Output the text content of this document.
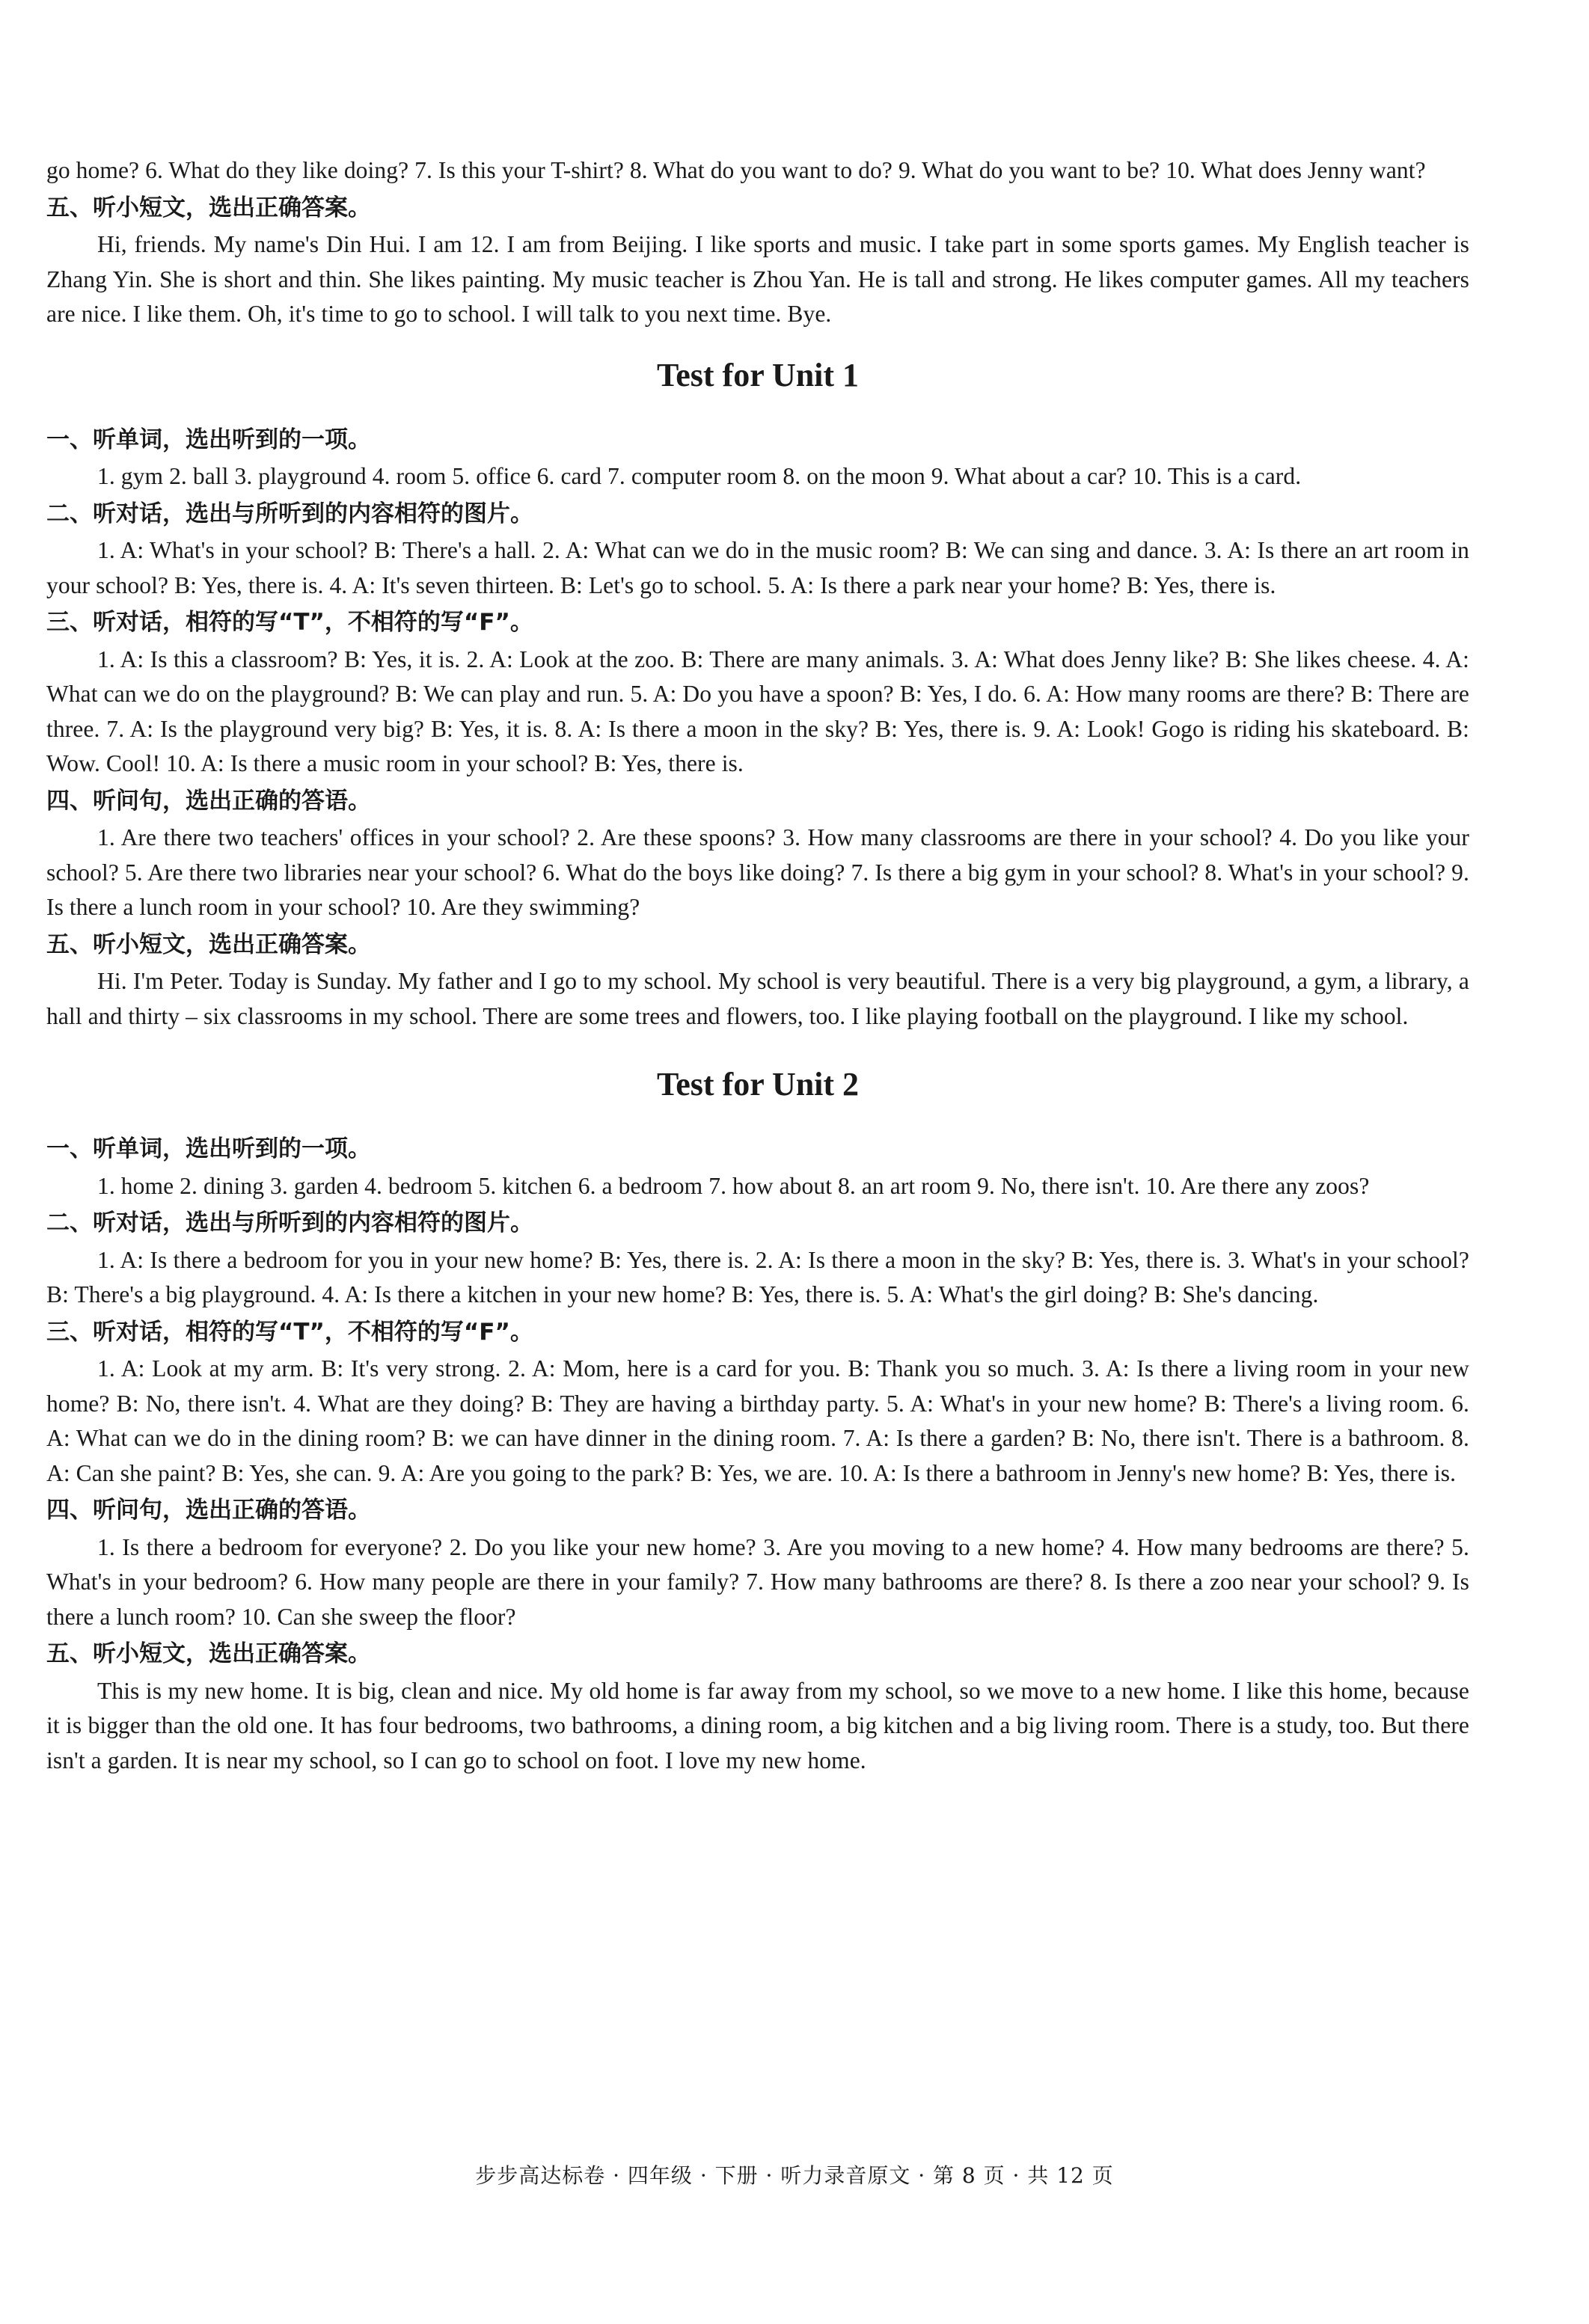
go home? 6. What do they like doing? 7. Is this your T-shirt? 8. What do you want to do? 9. What do you want to be? 10. What does Jenny want?

五、听小短文，选出正确答案。

Hi, friends. My name's Din Hui. I am 12. I am from Beijing. I like sports and music. I take part in some sports games. My English teacher is Zhang Yin. She is short and thin. She likes painting. My music teacher is Zhou Yan. He is tall and strong. He likes computer games. All my teachers are nice. I like them. Oh, it's time to go to school. I will talk to you next time. Bye.

Test for Unit 1

一、听单词，选出听到的一项。

1. gym 2. ball 3. playground 4. room 5. office 6. card 7. computer room 8. on the moon 9. What about a car? 10. This is a card.

二、听对话，选出与所听到的内容相符的图片。

1. A: What's in your school? B: There's a hall. 2. A: What can we do in the music room? B: We can sing and dance. 3. A: Is there an art room in your school? B: Yes, there is. 4. A: It's seven thirteen. B: Let's go to school. 5. A: Is there a park near your home? B: Yes, there is.

三、听对话，相符的写“T”，不相符的写“F”。

1. A: Is this a classroom? B: Yes, it is. 2. A: Look at the zoo. B: There are many animals. 3. A: What does Jenny like? B: She likes cheese. 4. A: What can we do on the playground? B: We can play and run. 5. A: Do you have a spoon? B: Yes, I do. 6. A: How many rooms are there? B: There are three. 7. A: Is the playground very big? B: Yes, it is. 8. A: Is there a moon in the sky? B: Yes, there is. 9. A: Look! Gogo is riding his skateboard. B: Wow. Cool! 10. A: Is there a music room in your school? B: Yes, there is.

四、听问句，选出正确的答语。

1. Are there two teachers' offices in your school? 2. Are these spoons? 3. How many classrooms are there in your school? 4. Do you like your school? 5. Are there two libraries near your school? 6. What do the boys like doing? 7. Is there a big gym in your school? 8. What's in your school? 9. Is there a lunch room in your school? 10. Are they swimming?

五、听小短文，选出正确答案。

Hi. I'm Peter. Today is Sunday. My father and I go to my school. My school is very beautiful. There is a very big playground, a gym, a library, a hall and thirty – six classrooms in my school. There are some trees and flowers, too. I like playing football on the playground. I like my school.

Test for Unit 2

一、听单词，选出听到的一项。

1. home 2. dining 3. garden 4. bedroom 5. kitchen 6. a bedroom 7. how about 8. an art room 9. No, there isn't. 10. Are there any zoos?

二、听对话，选出与所听到的内容相符的图片。

1. A: Is there a bedroom for you in your new home? B: Yes, there is. 2. A: Is there a moon in the sky? B: Yes, there is. 3. What's in your school? B: There's a big playground. 4. A: Is there a kitchen in your new home? B: Yes, there is. 5. A: What's the girl doing? B: She's dancing.

三、听对话，相符的写“T”，不相符的写“F”。

1. A: Look at my arm. B: It's very strong. 2. A: Mom, here is a card for you. B: Thank you so much. 3. A: Is there a living room in your new home? B: No, there isn't. 4. What are they doing? B: They are having a birthday party. 5. A: What's in your new home? B: There's a living room. 6. A: What can we do in the dining room? B: we can have dinner in the dining room. 7. A: Is there a garden? B: No, there isn't. There is a bathroom. 8. A: Can she paint? B: Yes, she can. 9. A: Are you going to the park? B: Yes, we are. 10. A: Is there a bathroom in Jenny's new home? B: Yes, there is.

四、听问句，选出正确的答语。

1. Is there a bedroom for everyone? 2. Do you like your new home? 3. Are you moving to a new home? 4. How many bedrooms are there? 5. What's in your bedroom? 6. How many people are there in your family? 7. How many bathrooms are there? 8. Is there a zoo near your school? 9. Is there a lunch room? 10. Can she sweep the floor?

五、听小短文，选出正确答案。

This is my new home. It is big, clean and nice. My old home is far away from my school, so we move to a new home. I like this home, because it is bigger than the old one. It has four bedrooms, two bathrooms, a dining room, a big kitchen and a big living room. There is a study, too. But there isn't a garden. It is near my school, so I can go to school on foot. I love my new home.

步步高达标卷 · 四年级 · 下册 · 听力录音原文 · 第 8 页 · 共 12 页
